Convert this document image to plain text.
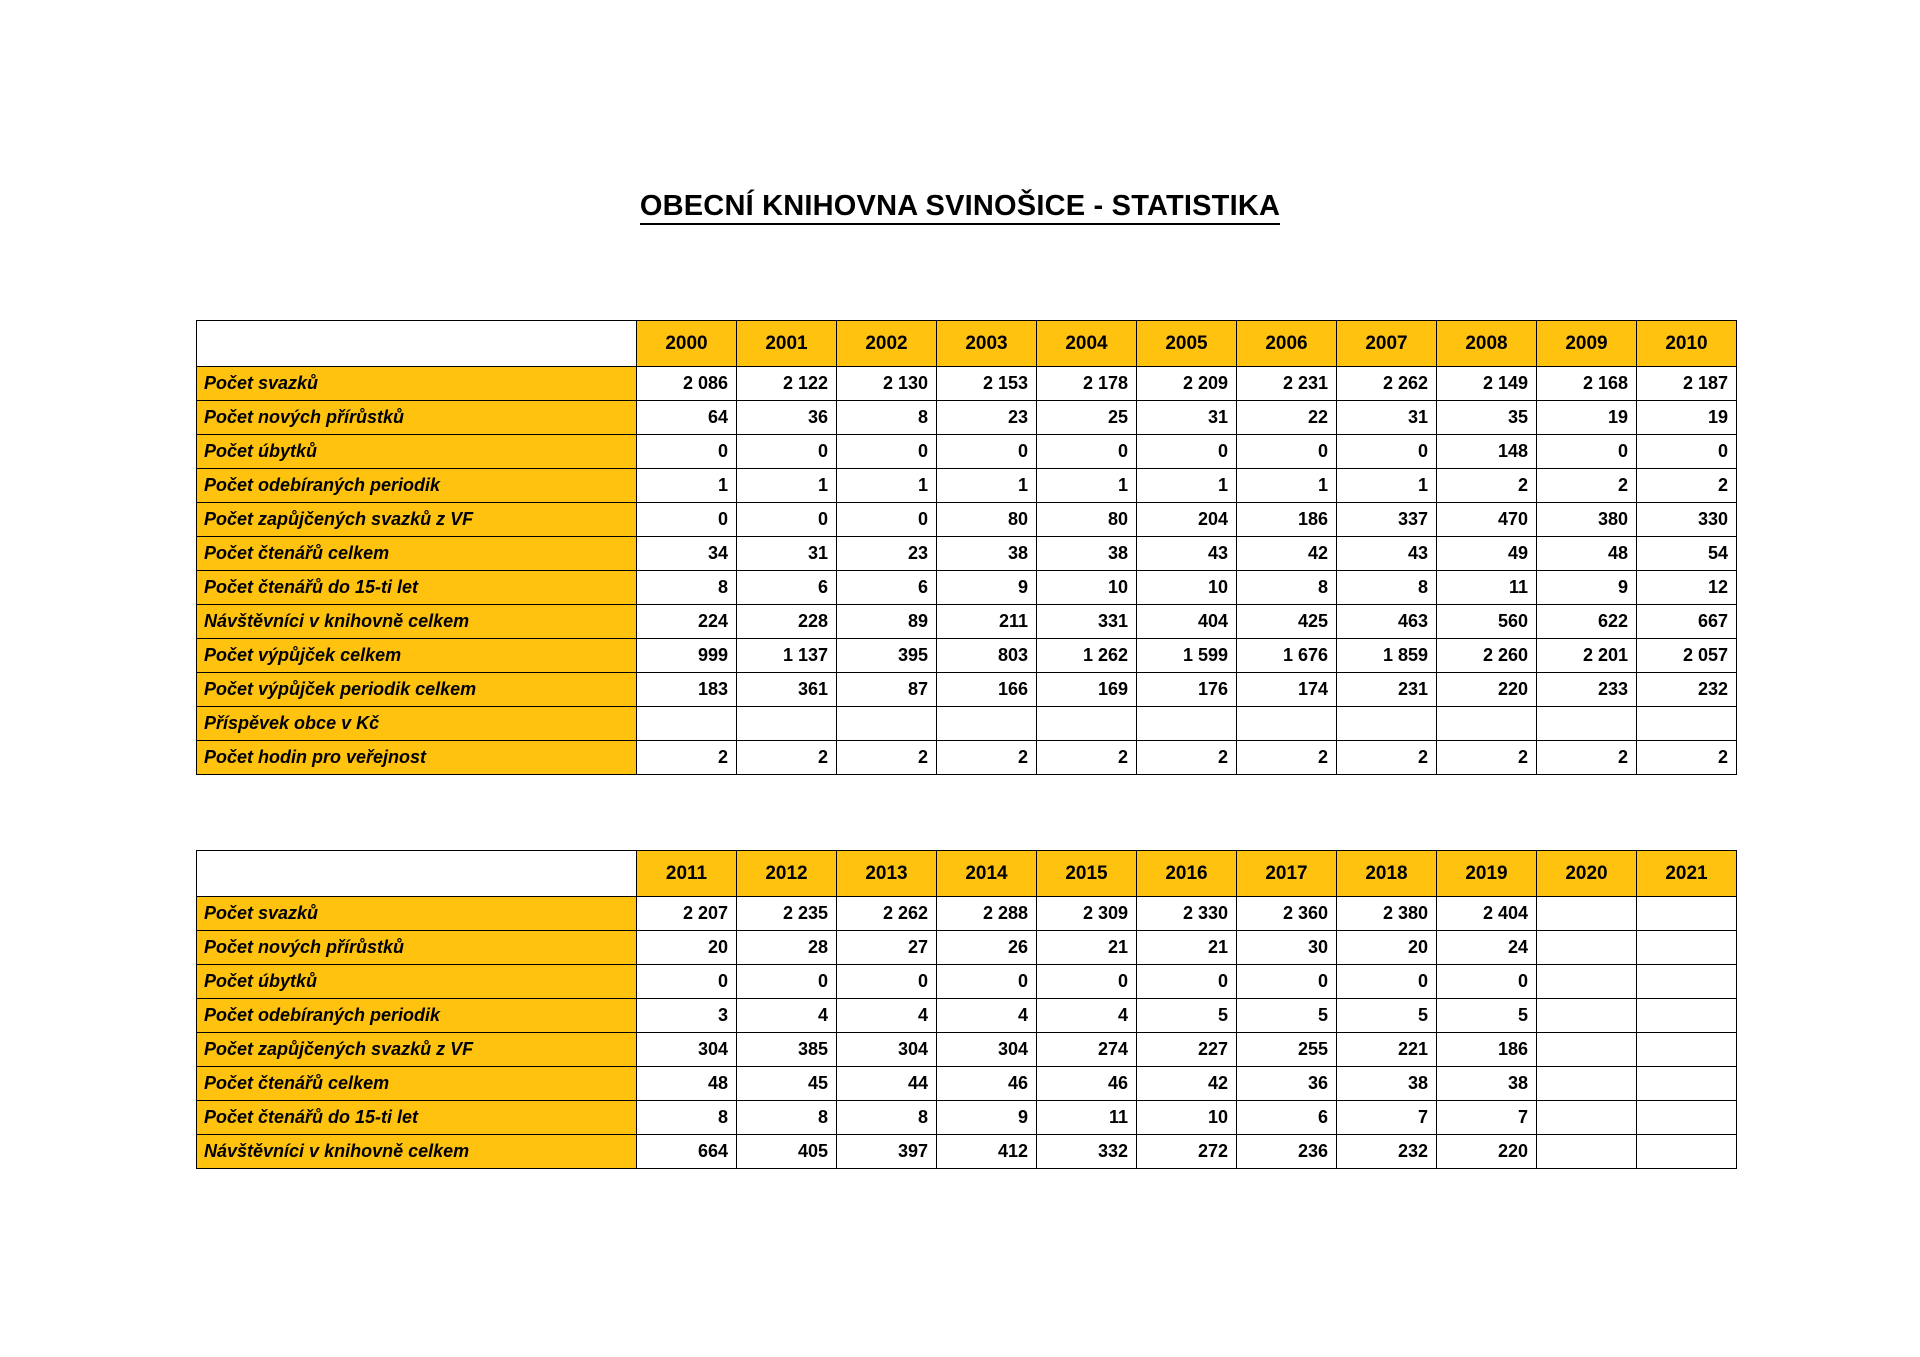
OBECNÍ KNIHOVNA SVINOŠICE - STATISTIKA
	2000	2001	2002	2003	2004	2005	2006	2007	2008	2009	2010
Počet svazků	2 086	2 122	2 130	2 153	2 178	2 209	2 231	2 262	2 149	2 168	2 187
Počet nových přírůstků	64	36	8	23	25	31	22	31	35	19	19
Počet úbytků	0	0	0	0	0	0	0	0	148	0	0
Počet odebíraných periodik	1	1	1	1	1	1	1	1	2	2	2
Počet zapůjčených svazků z VF	0	0	0	80	80	204	186	337	470	380	330
Počet čtenářů celkem	34	31	23	38	38	43	42	43	49	48	54
Počet čtenářů do 15-ti let	8	6	6	9	10	10	8	8	11	9	12
Návštěvníci v knihovně celkem	224	228	89	211	331	404	425	463	560	622	667
Počet výpůjček celkem	999	1 137	395	803	1 262	1 599	1 676	1 859	2 260	2 201	2 057
Počet výpůjček periodik celkem	183	361	87	166	169	176	174	231	220	233	232
Příspěvek obce v Kč											
Počet hodin pro veřejnost	2	2	2	2	2	2	2	2	2	2	2
	2011	2012	2013	2014	2015	2016	2017	2018	2019	2020	2021
Počet svazků	2 207	2 235	2 262	2 288	2 309	2 330	2 360	2 380	2 404		
Počet nových přírůstků	20	28	27	26	21	21	30	20	24		
Počet úbytků	0	0	0	0	0	0	0	0	0		
Počet odebíraných periodik	3	4	4	4	4	5	5	5	5		
Počet zapůjčených svazků z VF	304	385	304	304	274	227	255	221	186		
Počet čtenářů celkem	48	45	44	46	46	42	36	38	38		
Počet čtenářů do 15-ti let	8	8	8	9	11	10	6	7	7		
Návštěvníci v knihovně celkem	664	405	397	412	332	272	236	232	220		
